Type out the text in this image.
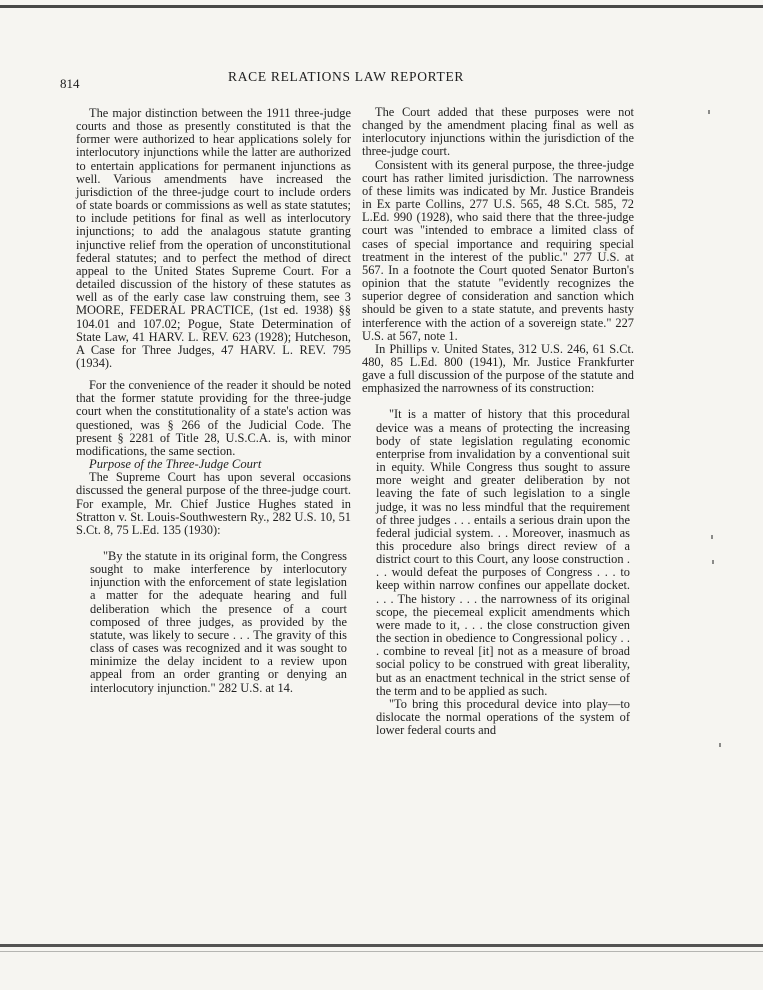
814	RACE RELATIONS LAW REPORTER

The major distinction between the 1911 three-judge courts and those as presently constituted is that the former were authorized to hear applications solely for interlocutory injunctions while the latter are authorized to entertain applications for permanent injunctions as well. Various amendments have increased the jurisdiction of the three-judge court to include orders of state boards or commissions as well as state statutes; to include petitions for final as well as interlocutory injunctions; to add the analagous statute granting injunctive relief from the operation of unconstitutional federal statutes; and to perfect the method of direct appeal to the United States Supreme Court. For a detailed discussion of the history of these statutes as well as of the early case law construing them, see 3 MOORE, FEDERAL PRACTICE, (1st ed. 1938) §§ 104.01 and 107.02; Pogue, State Determination of State Law, 41 HARV. L. REV. 623 (1928); Hutcheson, A Case for Three Judges, 47 HARV. L. REV. 795 (1934).

For the convenience of the reader it should be noted that the former statute providing for the three-judge court when the constitutionality of a state's action was questioned, was § 266 of the Judicial Code. The present § 2281 of Title 28, U.S.C.A. is, with minor modifications, the same section.

Purpose of the Three-Judge Court

The Supreme Court has upon several occasions discussed the general purpose of the three-judge court. For example, Mr. Chief Justice Hughes stated in Stratton v. St. Louis-Southwestern Ry., 282 U.S. 10, 51 S.Ct. 8, 75 L.Ed. 135 (1930):

"By the statute in its original form, the Congress sought to make interference by interlocutory injunction with the enforcement of state legislation a matter for the adequate hearing and full deliberation which the presence of a court composed of three judges, as provided by the statute, was likely to secure . . . The gravity of this class of cases was recognized and it was sought to minimize the delay incident to a review upon appeal from an order granting or denying an interlocutory injunction." 282 U.S. at 14.

The Court added that these purposes were not changed by the amendment placing final as well as interlocutory injunctions within the jurisdiction of the three-judge court.

Consistent with its general purpose, the three-judge court has rather limited jurisdiction. The narrowness of these limits was indicated by Mr. Justice Brandeis in Ex parte Collins, 277 U.S. 565, 48 S.Ct. 585, 72 L.Ed. 990 (1928), who said there that the three-judge court was "intended to embrace a limited class of cases of special importance and requiring special treatment in the interest of the public." 277 U.S. at 567. In a footnote the Court quoted Senator Burton's opinion that the statute "evidently recognizes the superior degree of consideration and sanction which should be given to a state statute, and prevents hasty interference with the action of a sovereign state." 227 U.S. at 567, note 1.

In Phillips v. United States, 312 U.S. 246, 61 S.Ct. 480, 85 L.Ed. 800 (1941), Mr. Justice Frankfurter gave a full discussion of the purpose of the statute and emphasized the narrowness of its construction:

"It is a matter of history that this procedural device was a means of protecting the increasing body of state legislation regulating economic enterprise from invalidation by a conventional suit in equity. While Congress thus sought to assure more weight and greater deliberation by not leaving the fate of such legislation to a single judge, it was no less mindful that the requirement of three judges . . . entails a serious drain upon the federal judicial system. . . Moreover, inasmuch as this procedure also brings direct review of a district court to this Court, any loose construction . . . would defeat the purposes of Congress . . . to keep within narrow confines our appellate docket. . . . The history . . . the narrowness of its original scope, the piecemeal explicit amendments which were made to it, . . . the close construction given the section in obedience to Congressional policy . . . combine to reveal [it] not as a measure of broad social policy to be construed with great liberality, but as an enactment technical in the strict sense of the term and to be applied as such.

"To bring this procedural device into play—to dislocate the normal operations of the system of lower federal courts and
